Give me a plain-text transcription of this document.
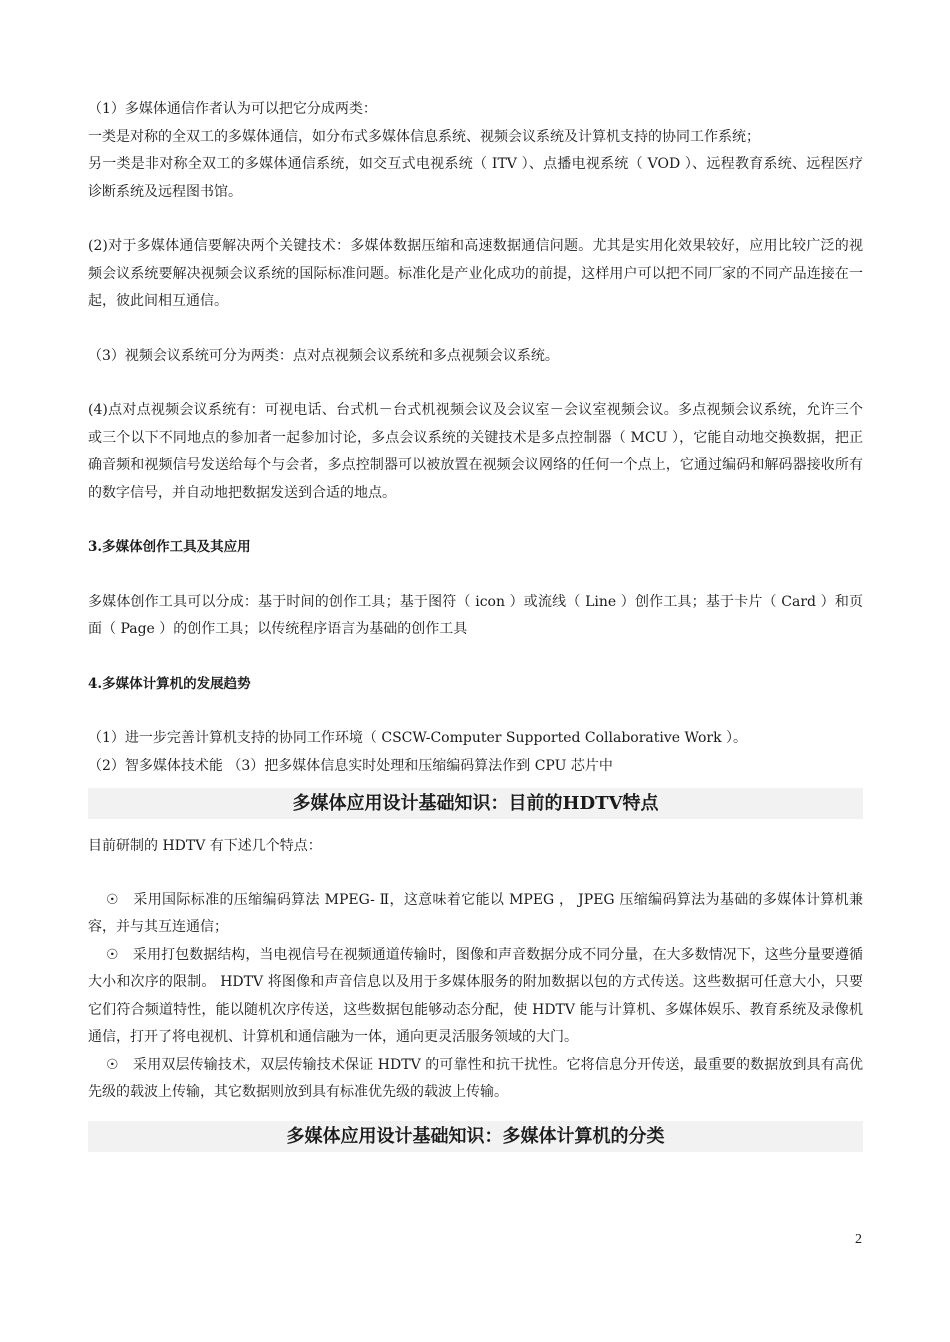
（1）多媒体通信作者认为可以把它分成两类：

一类是对称的全双工的多媒体通信，如分布式多媒体信息系统、视频会议系统及计算机支持的协同工作系统；

另一类是非对称全双工的多媒体通信系统，如交互式电视系统（ ITV ）、点播电视系统（ VOD ）、远程教育系统、远程医疗诊断系统及远程图书馆。

(2)对于多媒体通信要解决两个关键技术：多媒体数据压缩和高速数据通信问题。尤其是实用化效果较好，应用比较广泛的视频会议系统要解决视频会议系统的国际标准问题。标准化是产业化成功的前提，这样用户可以把不同厂家的不同产品连接在一起，彼此间相互通信。

（3）视频会议系统可分为两类：点对点视频会议系统和多点视频会议系统。

(4)点对点视频会议系统有：可视电话、台式机－台式机视频会议及会议室－会议室视频会议。多点视频会议系统，允许三个或三个以下不同地点的参加者一起参加讨论，多点会议系统的关键技术是多点控制器（ MCU ），它能自动地交换数据，把正确音频和视频信号发送给每个与会者，多点控制器可以被放置在视频会议网络的任何一个点上，它通过编码和解码器接收所有的数字信号，并自动地把数据发送到合适的地点。

3.多媒体创作工具及其应用

多媒体创作工具可以分成：基于时间的创作工具；基于图符（ icon ）或流线（ Line ）创作工具；基于卡片（ Card ）和页面（ Page ）的创作工具；以传统程序语言为基础的创作工具

4.多媒体计算机的发展趋势

（1）进一步完善计算机支持的协同工作环境（ CSCW-Computer Supported Collaborative Work ）。

（2）智多媒体技术能 （3）把多媒体信息实时处理和压缩编码算法作到 CPU 芯片中

多媒体应用设计基础知识：目前的HDTV特点

目前研制的 HDTV 有下述几个特点：

☉ 采用国际标准的压缩编码算法 MPEG- Ⅱ，这意味着它能以 MPEG ， JPEG 压缩编码算法为基础的多媒体计算机兼容，并与其互连通信；

☉ 采用打包数据结构，当电视信号在视频通道传输时，图像和声音数据分成不同分量，在大多数情况下，这些分量要遵循大小和次序的限制。 HDTV 将图像和声音信息以及用于多媒体服务的附加数据以包的方式传送。这些数据可任意大小，只要它们符合频道特性，能以随机次序传送，这些数据包能够动态分配，使 HDTV 能与计算机、多媒体娱乐、教育系统及录像机通信，打开了将电视机、计算机和通信融为一体，通向更灵活服务领域的大门。

☉ 采用双层传输技术，双层传输技术保证 HDTV 的可靠性和抗干扰性。它将信息分开传送，最重要的数据放到具有高优先级的载波上传输，其它数据则放到具有标准优先级的载波上传输。

多媒体应用设计基础知识：多媒体计算机的分类
2
